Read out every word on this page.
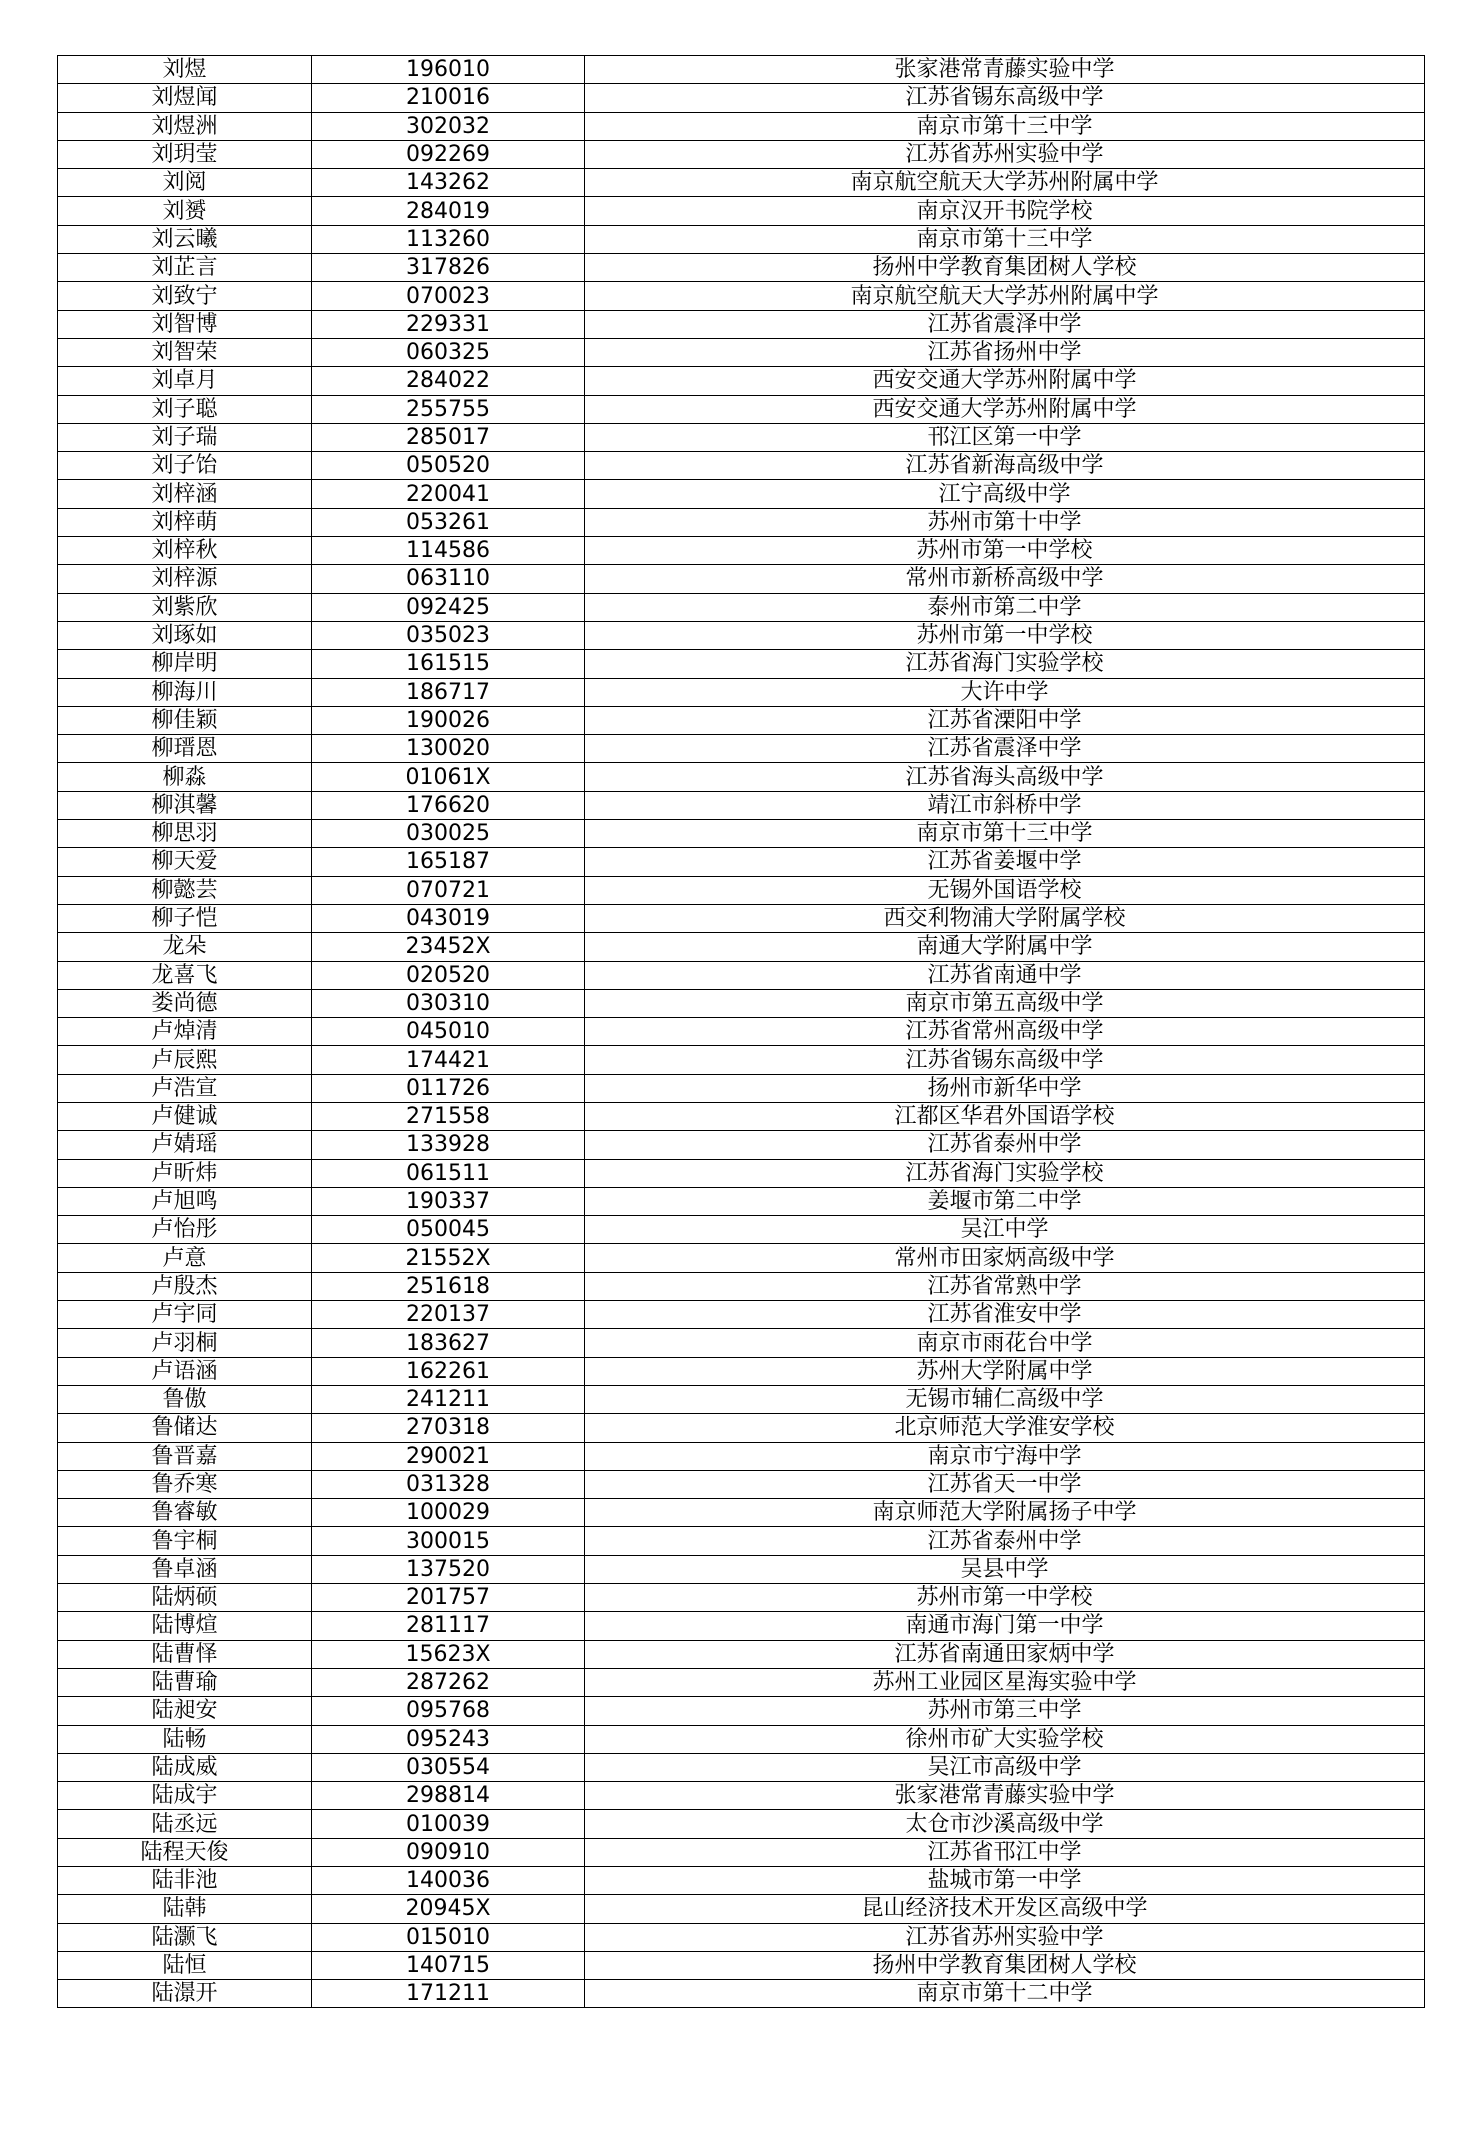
刘煜	196010	张家港常青藤实验中学
刘煜闻	210016	江苏省锡东高级中学
刘煜洲	302032	南京市第十三中学
刘玥莹	092269	江苏省苏州实验中学
刘阅	143262	南京航空航天大学苏州附属中学
刘赟	284019	南京汉开书院学校
刘云曦	113260	南京市第十三中学
刘芷言	317826	扬州中学教育集团树人学校
刘致宁	070023	南京航空航天大学苏州附属中学
刘智博	229331	江苏省震泽中学
刘智荣	060325	江苏省扬州中学
刘卓月	284022	西安交通大学苏州附属中学
刘子聪	255755	西安交通大学苏州附属中学
刘子瑞	285017	邗江区第一中学
刘子饴	050520	江苏省新海高级中学
刘梓涵	220041	江宁高级中学
刘梓萌	053261	苏州市第十中学
刘梓秋	114586	苏州市第一中学校
刘梓源	063110	常州市新桥高级中学
刘紫欣	092425	泰州市第二中学
刘琢如	035023	苏州市第一中学校
柳岸明	161515	江苏省海门实验学校
柳海川	186717	大许中学
柳佳颖	190026	江苏省溧阳中学
柳瑨恩	130020	江苏省震泽中学
柳淼	01061X	江苏省海头高级中学
柳淇馨	176620	靖江市斜桥中学
柳思羽	030025	南京市第十三中学
柳天爱	165187	江苏省姜堰中学
柳懿芸	070721	无锡外国语学校
柳子恺	043019	西交利物浦大学附属学校
龙朵	23452X	南通大学附属中学
龙喜飞	020520	江苏省南通中学
娄尚德	030310	南京市第五高级中学
卢焯清	045010	江苏省常州高级中学
卢辰熙	174421	江苏省锡东高级中学
卢浩宣	011726	扬州市新华中学
卢健诚	271558	江都区华君外国语学校
卢婧瑶	133928	江苏省泰州中学
卢昕炜	061511	江苏省海门实验学校
卢旭鸣	190337	姜堰市第二中学
卢怡彤	050045	吴江中学
卢意	21552X	常州市田家炳高级中学
卢殷杰	251618	江苏省常熟中学
卢宇同	220137	江苏省淮安中学
卢羽桐	183627	南京市雨花台中学
卢语涵	162261	苏州大学附属中学
鲁傲	241211	无锡市辅仁高级中学
鲁储达	270318	北京师范大学淮安学校
鲁晋嘉	290021	南京市宁海中学
鲁乔寒	031328	江苏省天一中学
鲁睿敏	100029	南京师范大学附属扬子中学
鲁宇桐	300015	江苏省泰州中学
鲁卓涵	137520	吴县中学
陆炳硕	201757	苏州市第一中学校
陆博煊	281117	南通市海门第一中学
陆曹怿	15623X	江苏省南通田家炳中学
陆曹瑜	287262	苏州工业园区星海实验中学
陆昶安	095768	苏州市第三中学
陆畅	095243	徐州市矿大实验学校
陆成威	030554	吴江市高级中学
陆成宇	298814	张家港常青藤实验中学
陆丞远	010039	太仓市沙溪高级中学
陆程天俊	090910	江苏省邗江中学
陆非池	140036	盐城市第一中学
陆韩	20945X	昆山经济技术开发区高级中学
陆灏飞	015010	江苏省苏州实验中学
陆恒	140715	扬州中学教育集团树人学校
陆澋开	171211	南京市第十二中学
